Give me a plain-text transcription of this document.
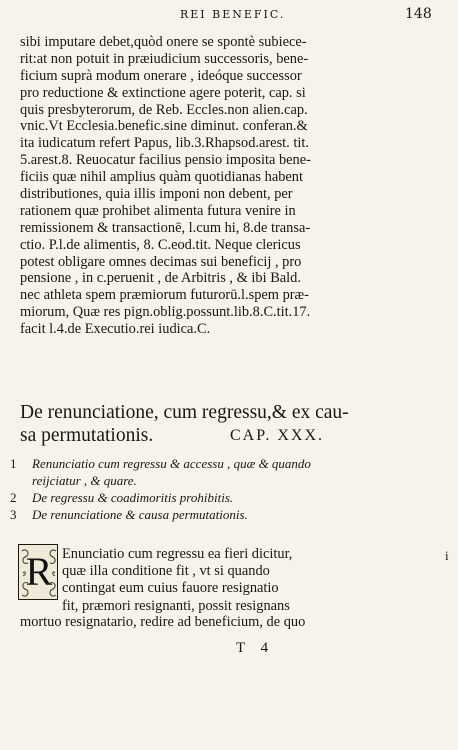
REI BENEFIC.	148
sibi imputare debet,quòd onere se spontè subiece-
rit:at non potuit in præiudicium successoris, bene-
ficium suprà modum onerare , ideóque successor
pro reductione & extinctione agere poterit, cap. si
quis presbyterorum, de Reb. Eccles.non alien.cap.
vnic.Vt Ecclesia.benefic.sine diminut. conferan.&
ita iudicatum refert Papus, lib.3.Rhapsod.arest. tit.
5.arest.8. Reuocatur facilius pensio imposita bene-
ficiis quæ nihil amplius quàm quotidianas habent
distributiones, quia illis imponi non debent, per
rationem quæ prohibet alimenta futura venire in
remissionem & transactionē, l.cum hi, 8.de transa-
ctio. P.l.de alimentis, 8. C.eod.tit. Neque clericus
potest obligare omnes decimas sui beneficij , pro
pensione , in c.peruenit , de Arbitris , & ibi Bald.
nec athleta spem præmiorum futurorū.l.spem præ-
miorum, Quæ res pign.oblig.possunt.lib.8.C.tit.17.
facit l.4.de Executio.rei iudica.C.
De renunciatione, cum regressu,& ex cau-
sa permutationis.	CAP. XXX.
1 Renunciatio cum regressu & accessu , quæ & quando
reijciatur , & quare.
2 De regressu & coadimoritis prohibitis.
3 De renunciatione & causa permutationis.
R Enunciatio cum regressu ea fieri dicitur,
quæ illa conditione fit , vt si quando
contingat eum cuius fauore resignatio
fit, præmori resignanti, possit resignans
i
mortuo resignatario, redire ad beneficium, de quo
T 4
